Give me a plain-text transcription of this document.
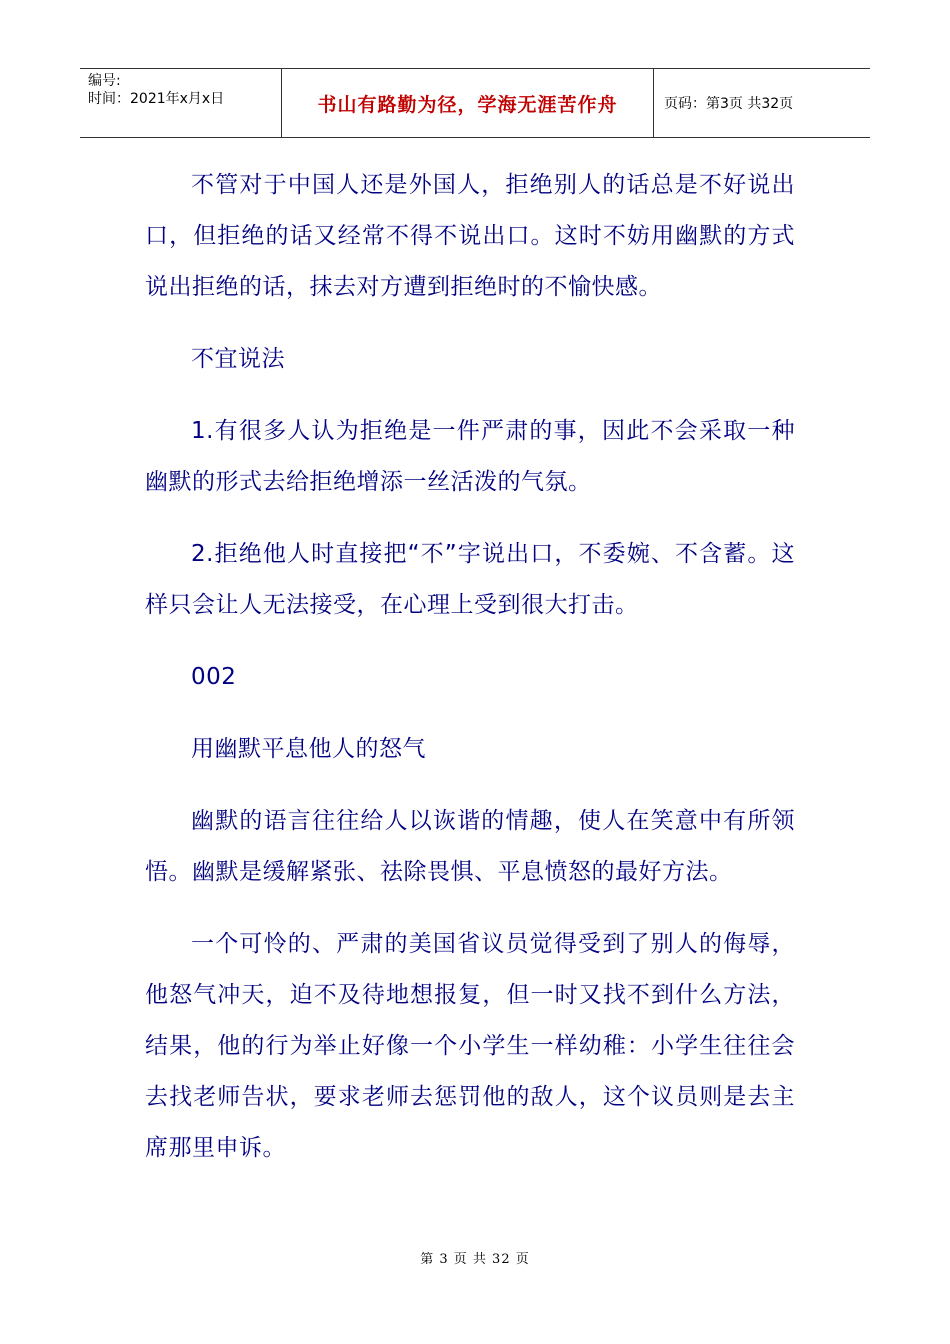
编号:
时间：2021年x月x日	书山有路勤为径，学海无涯苦作舟	页码：第3页 共32页

不管对于中国人还是外国人，拒绝别人的话总是不好说出口，但拒绝的话又经常不得不说出口。这时不妨用幽默的方式说出拒绝的话，抹去对方遭到拒绝时的不愉快感。

不宜说法

1.有很多人认为拒绝是一件严肃的事，因此不会采取一种幽默的形式去给拒绝增添一丝活泼的气氛。

2.拒绝他人时直接把“不”字说出口，不委婉、不含蓄。这样只会让人无法接受，在心理上受到很大打击。

002

用幽默平息他人的怒气

幽默的语言往往给人以诙谐的情趣，使人在笑意中有所领悟。幽默是缓解紧张、祛除畏惧、平息愤怒的最好方法。

一个可怜的、严肃的美国省议员觉得受到了别人的侮辱，他怒气冲天，迫不及待地想报复，但一时又找不到什么方法，结果，他的行为举止好像一个小学生一样幼稚：小学生往往会去找老师告状，要求老师去惩罚他的敌人，这个议员则是去主席那里申诉。

第 3 页 共 32 页
